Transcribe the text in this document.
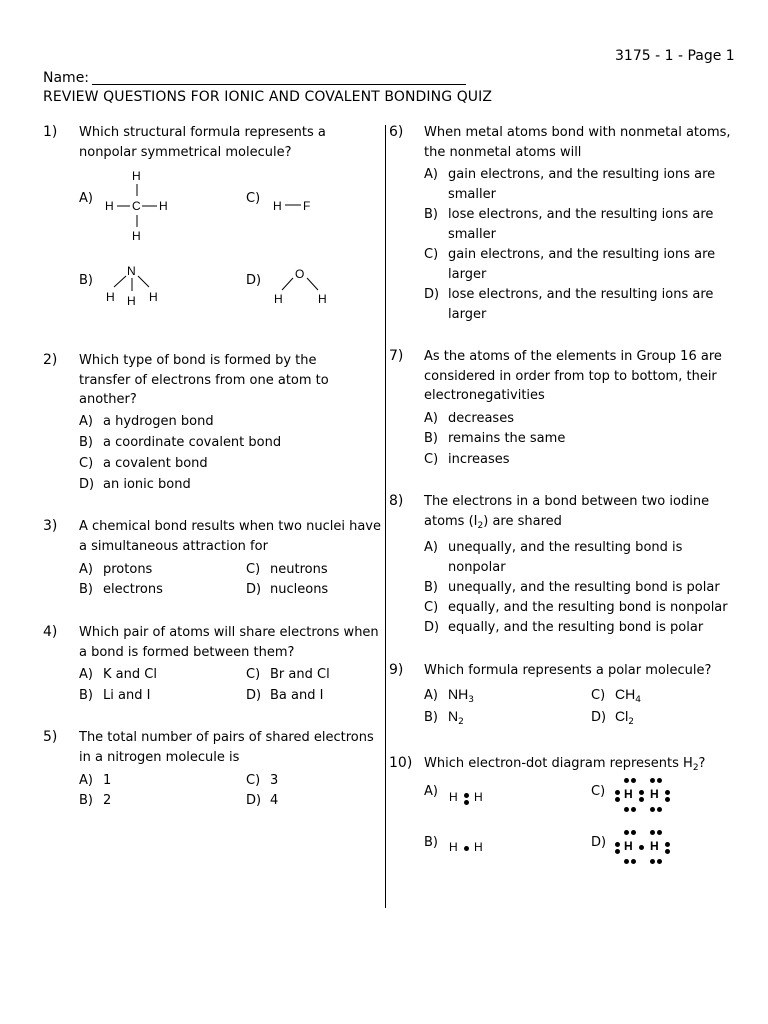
3175 - 1 - Page 1
Name:
REVIEW QUESTIONS FOR IONIC AND COVALENT BONDING QUIZ
1) Which structural formula represents a
nonpolar symmetrical molecule?
A)
B)
C)
D)
H
H C H
H
H F
N
H H H
O
H	H
2) Which type of bond is formed by the
transfer of electrons from one atom to
another?
A) a hydrogen bond
B) a coordinate covalent bond
C) a covalent bond
D) an ionic bond
3) A chemical bond results when two nuclei have
a simultaneous attraction for
A) protons	C) neutrons
B) electrons	D) nucleons
4) Which pair of atoms will share electrons when
a bond is formed between them?
A) K and Cl	C) Br and Cl
B) Li and I	D) Ba and I
5) The total number of pairs of shared electrons
in a nitrogen molecule is
A) 1	C) 3
B) 2	D) 4
6) When metal atoms bond with nonmetal atoms,
the nonmetal atoms will
A) gain electrons, and the resulting ions are
smaller
B) lose electrons, and the resulting ions are
smaller
C) gain electrons, and the resulting ions are
larger
D) lose electrons, and the resulting ions are
larger
7) As the atoms of the elements in Group 16 are
considered in order from top to bottom, their
electronegativities
A) decreases
B) remains the same
C) increases
8) The electrons in a bond between two iodine
atoms $(I_2)$ are shared
A) unequally, and the resulting bond is
nonpolar
B) unequally, and the resulting bond is polar
C) equally, and the resulting bond is nonpolar
D) equally, and the resulting bond is polar
9) Which formula represents a polar molecule?
A) $NH_3$	C) $CH_4$
B) $N_2$	D) $Cl_2$
10) Which electron-dot diagram represents $H_2$?
A)
B)
C)
D)
H H
H H
H H
H H
